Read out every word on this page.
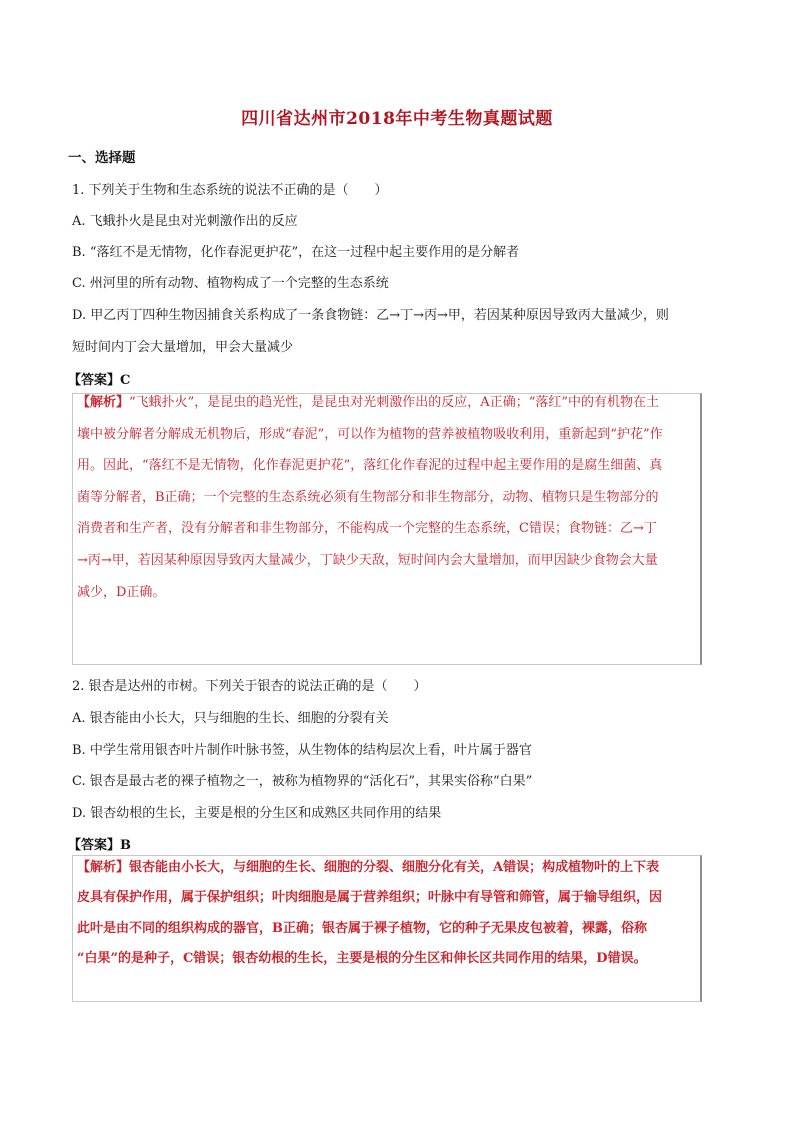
四川省达州市2018年中考生物真题试题
一、选择题
1. 下列关于生物和生态系统的说法不正确的是（　　）
A. 飞蛾扑火是昆虫对光刺激作出的反应
B. “落红不是无情物，化作春泥更护花”，在这一过程中起主要作用的是分解者
C. 州河里的所有动物、植物构成了一个完整的生态系统
D. 甲乙丙丁四种生物因捕食关系构成了一条食物链：乙→丁→丙→甲，若因某种原因导致丙大量减少，则
短时间内丁会大量增加，甲会大量减少
【答案】C
【解析】“飞蛾扑火”，是昆虫的趋光性，是昆虫对光刺激作出的反应，A正确；“落红”中的有机物在土
壤中被分解者分解成无机物后，形成“春泥”，可以作为植物的营养被植物吸收利用，重新起到“护花”作
用。因此，“落红不是无情物，化作春泥更护花”，落红化作春泥的过程中起主要作用的是腐生细菌、真
菌等分解者，B正确；一个完整的生态系统必须有生物部分和非生物部分，动物、植物只是生物部分的
消费者和生产者，没有分解者和非生物部分，不能构成一个完整的生态系统，C错误；食物链：乙→丁
→丙→甲，若因某种原因导致丙大量减少，丁缺少天敌，短时间内会大量增加，而甲因缺少食物会大量
减少，D正确。
2. 银杏是达州的市树。下列关于银杏的说法正确的是（　　）
A. 银杏能由小长大，只与细胞的生长、细胞的分裂有关
B. 中学生常用银杏叶片制作叶脉书签，从生物体的结构层次上看，叶片属于器官
C. 银杏是最古老的裸子植物之一，被称为植物界的“活化石”，其果实俗称“白果”
D. 银杏幼根的生长，主要是根的分生区和成熟区共同作用的结果
【答案】B
【解析】银杏能由小长大，与细胞的生长、细胞的分裂、细胞分化有关，A错误；构成植物叶的上下表
皮具有保护作用，属于保护组织；叶肉细胞是属于营养组织；叶脉中有导管和筛管，属于输导组织，因
此叶是由不同的组织构成的器官，B正确；银杏属于裸子植物，它的种子无果皮包被着，裸露，俗称
“白果”的是种子，C错误；银杏幼根的生长，主要是根的分生区和伸长区共同作用的结果，D错误。
